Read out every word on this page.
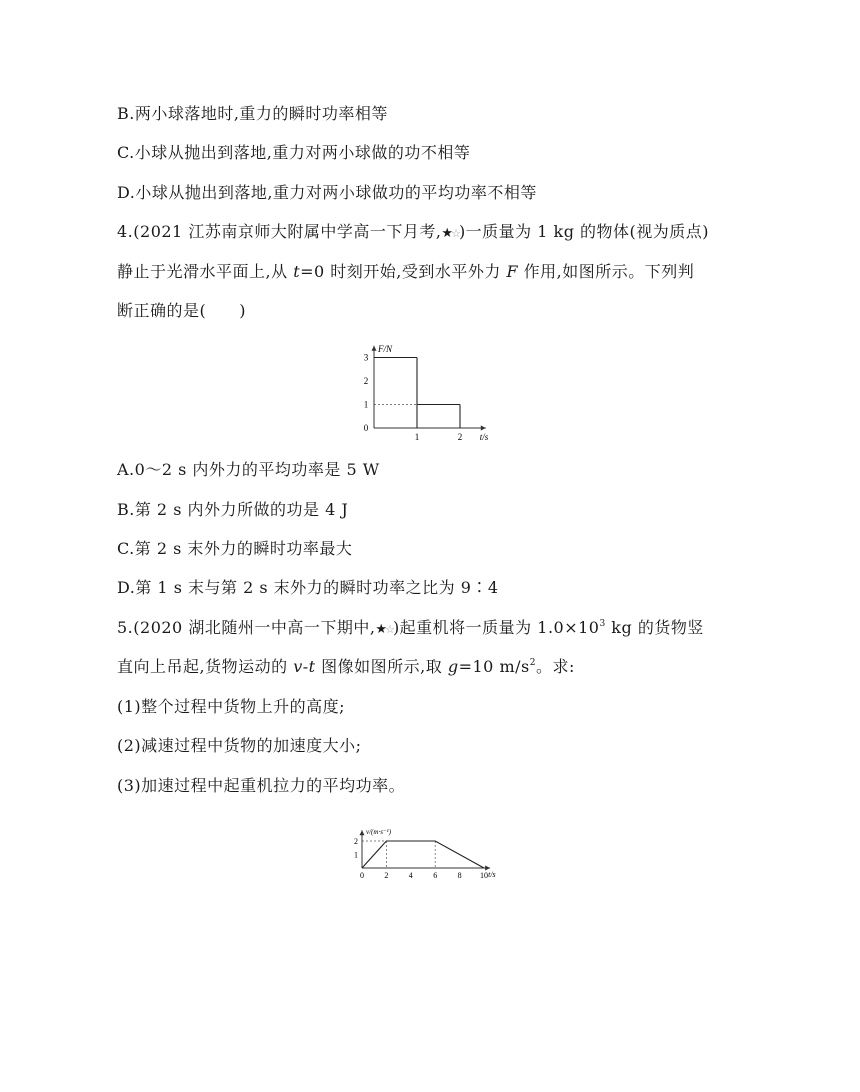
B.两小球落地时,重力的瞬时功率相等
C.小球从抛出到落地,重力对两小球做的功不相等
D.小球从抛出到落地,重力对两小球做功的平均功率不相等
4.(2021 江苏南京师大附属中学高一下月考,★☆)一质量为 1 kg 的物体(视为质点)
静止于光滑水平面上,从 t=0 时刻开始,受到水平外力 F 作用,如图所示。下列判
断正确的是(　　)
F/N
t/s
0
1
2
3
1	2
A.0～2 s 内外力的平均功率是 5 W
B.第 2 s 内外力所做的功是 4 J
C.第 2 s 末外力的瞬时功率最大
D.第 1 s 末与第 2 s 末外力的瞬时功率之比为 9∶4
5.(2020 湖北随州一中高一下期中,★☆)起重机将一质量为 $1.0\times 10^3$ kg 的货物竖
直向上吊起,货物运动的 v-t 图像如图所示,取 g=10 $m/s^2$。求:
(1)整个过程中货物上升的高度;
(2)减速过程中货物的加速度大小;
(3)加速过程中起重机拉力的平均功率。
v/(m·s⁻¹)
t/s
1
2
0	2	4	6	8 10
